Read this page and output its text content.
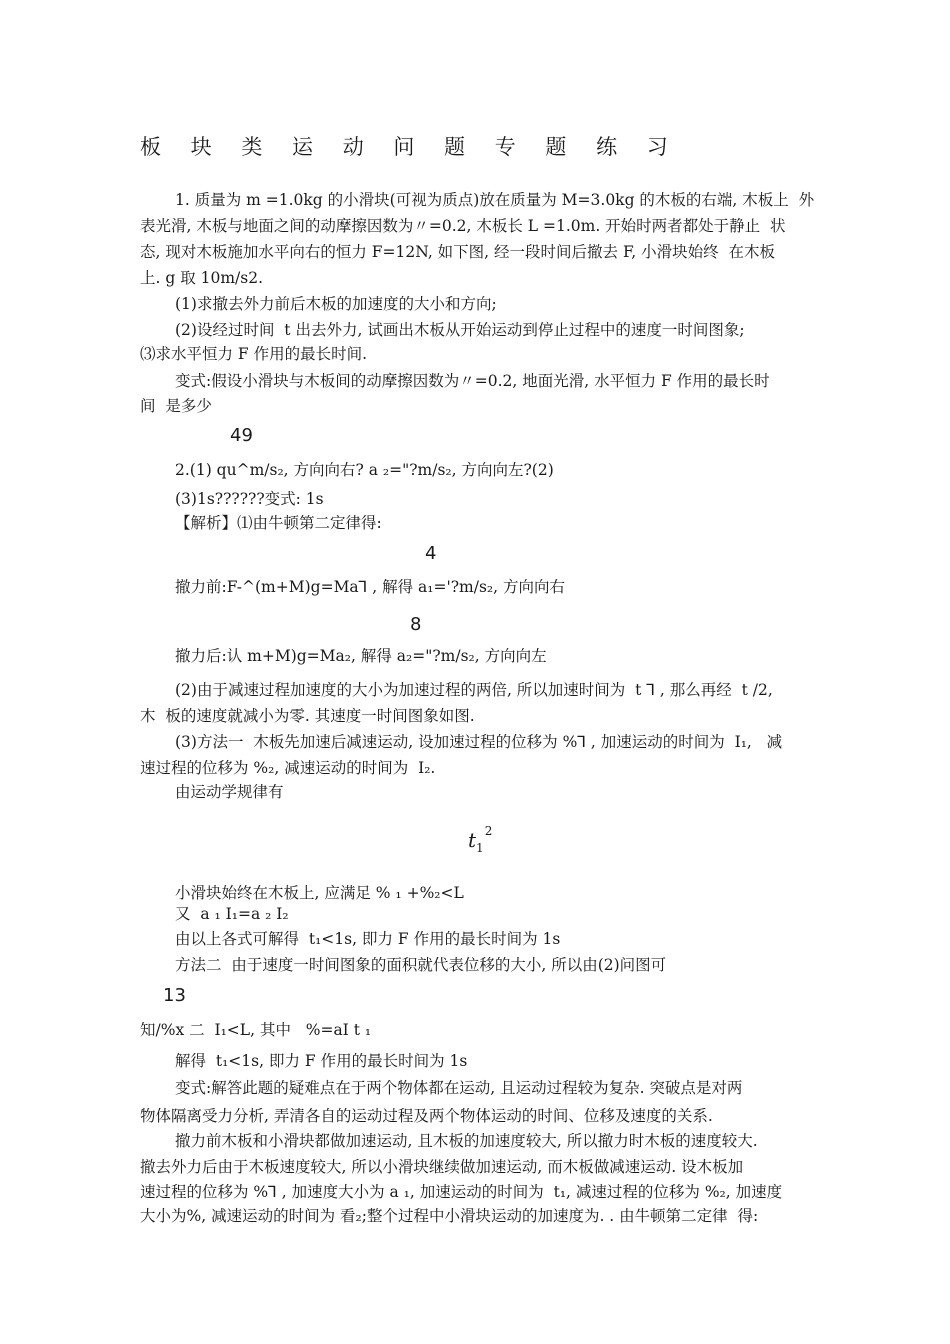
板 块 类 运 动 问 题 专 题 练 习
1. 质量为 m =1.0kg 的小滑块(可视为质点)放在质量为 M=3.0kg 的木板的右端, 木板上  外
表光滑, 木板与地面之间的动摩擦因数为〃=0.2, 木板长 L =1.0m. 开始时两者都处于静止  状
态, 现对木板施加水平向右的恒力 F=12N, 如下图, 经一段时间后撤去 F, 小滑块始终  在木板
上. g 取 10m/s2.
(1)求撤去外力前后木板的加速度的大小和方向;
(2)设经过时间  t 出去外力, 试画出木板从开始运动到停止过程中的速度一时间图象;
⑶求水平恒力 F 作用的最长时间.
变式:假设小滑块与木板间的动摩擦因数为〃=0.2, 地面光滑, 水平恒力 F 作用的最长时
间  是多少
49
2.(1) qu^m/s₂, 方向向右? a ₂="?m/s₂, 方向向左?(2)
(3)1s??????变式: 1s
【解析】⑴由牛顿第二定律得:
4
撤力前:F-^(m+M)g=Ma⅂ , 解得 a₁='?m/s₂, 方向向右
8
撤力后:认 m+M)g=Ma₂, 解得 a₂="?m/s₂, 方向向左
(2)由于减速过程加速度的大小为加速过程的两倍, 所以加速时间为  t ⅂ , 那么再经  t /2,
木  板的速度就减小为零. 其速度一时间图象如图.
(3)方法一  木板先加速后减速运动, 设加速过程的位移为 %⅂ , 加速运动的时间为  I₁,   减
速过程的位移为 %₂, 减速运动的时间为  I₂.
由运动学规律有
$t_1^2$
小滑块始终在木板上, 应满足 % ₁ +%₂<L
又  a ₁ I₁=a ₂ I₂
由以上各式可解得  t₁<1s, 即力 F 作用的最长时间为 1s
方法二  由于速度一时间图象的面积就代表位移的大小, 所以由(2)问图可
13
知/%x 二  I₁<L, 其中   %=aI t ₁
解得  t₁<1s, 即力 F 作用的最长时间为 1s
变式:解答此题的疑难点在于两个物体都在运动, 且运动过程较为复杂. 突破点是对两
物体隔离受力分析, 弄清各自的运动过程及两个物体运动的时间、位移及速度的关系.
撤力前木板和小滑块都做加速运动, 且木板的加速度较大, 所以撤力时木板的速度较大.
撤去外力后由于木板速度较大, 所以小滑块继续做加速运动, 而木板做减速运动. 设木板加
速过程的位移为 %⅂ , 加速度大小为 a ₁, 加速运动的时间为  t₁, 减速过程的位移为 %₂, 加速度
大小为%, 减速运动的时间为 看₂;整个过程中小滑块运动的加速度为. . 由牛顿第二定律  得:
